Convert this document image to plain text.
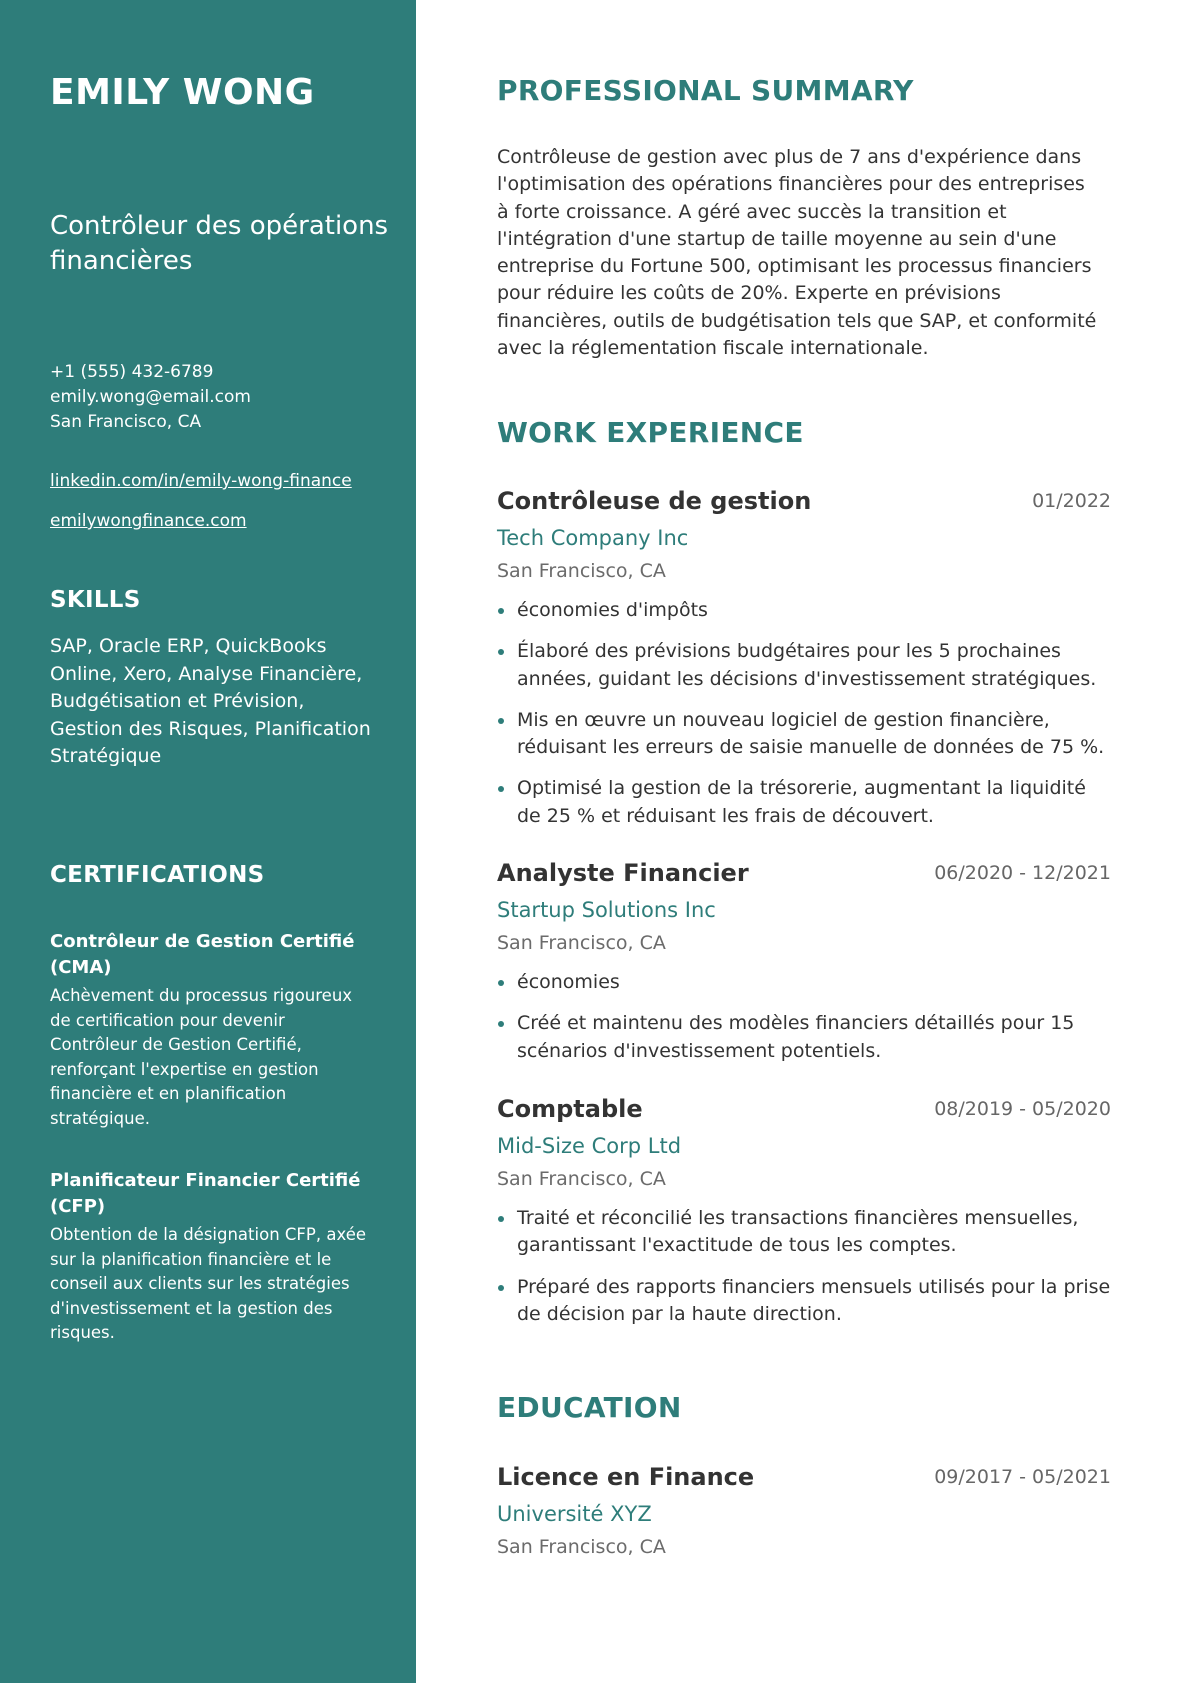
EMILY WONG
Contrôleur des opérations financières
+1 (555) 432-6789
emily.wong@email.com
San Francisco, CA
linkedin.com/in/emily-wong-finance
emilywongfinance.com
SKILLS
SAP, Oracle ERP, QuickBooks Online, Xero, Analyse Financière, Budgétisation et Prévision, Gestion des Risques, Planification Stratégique
CERTIFICATIONS
Contrôleur de Gestion Certifié (CMA)
Achèvement du processus rigoureux de certification pour devenir Contrôleur de Gestion Certifié, renforçant l'expertise en gestion financière et en planification stratégique.
Planificateur Financier Certifié (CFP)
Obtention de la désignation CFP, axée sur la planification financière et le conseil aux clients sur les stratégies d'investissement et la gestion des risques.
PROFESSIONAL SUMMARY

Contrôleuse de gestion avec plus de 7 ans d'expérience dans l'optimisation des opérations financières pour des entreprises à forte croissance. A géré avec succès la transition et l'intégration d'une startup de taille moyenne au sein d'une entreprise du Fortune 500, optimisant les processus financiers pour réduire les coûts de 20%. Experte en prévisions financières, outils de budgétisation tels que SAP, et conformité avec la réglementation fiscale internationale.

WORK EXPERIENCE
Contrôleuse de gestion	01/2022
Tech Company Inc
San Francisco, CA
économies d'impôts
Élaboré des prévisions budgétaires pour les 5 prochaines années, guidant les décisions d'investissement stratégiques.
Mis en œuvre un nouveau logiciel de gestion financière, réduisant les erreurs de saisie manuelle de données de 75 %.
Optimisé la gestion de la trésorerie, augmentant la liquidité de 25 % et réduisant les frais de découvert.
Analyste Financier	06/2020 - 12/2021
Startup Solutions Inc
San Francisco, CA
économies
Créé et maintenu des modèles financiers détaillés pour 15 scénarios d'investissement potentiels.
Comptable	08/2019 - 05/2020
Mid-Size Corp Ltd
San Francisco, CA
Traité et réconcilié les transactions financières mensuelles, garantissant l'exactitude de tous les comptes.
Préparé des rapports financiers mensuels utilisés pour la prise de décision par la haute direction.
EDUCATION
Licence en Finance	09/2017 - 05/2021
Université XYZ
San Francisco, CA
